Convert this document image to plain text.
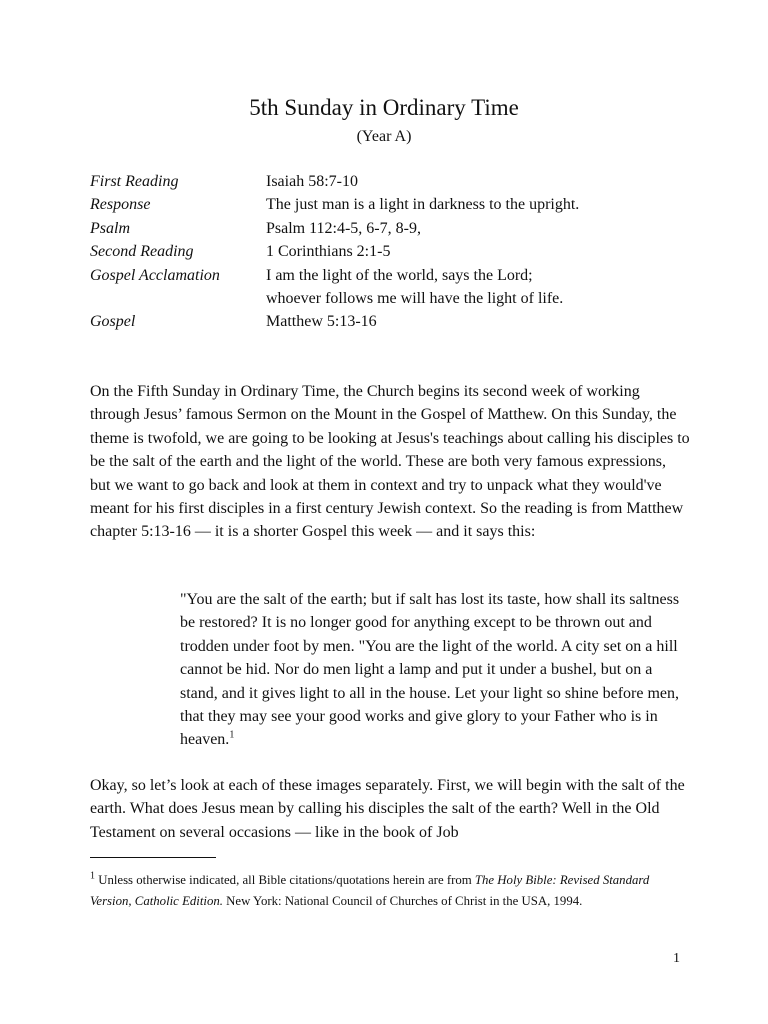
5th Sunday in Ordinary Time
(Year A)
First Reading	Isaiah 58:7-10
Response	The just man is a light in darkness to the upright.
Psalm	Psalm 112:4-5, 6-7, 8-9,
Second Reading	1 Corinthians 2:1-5
Gospel Acclamation	I am the light of the world, says the Lord;
whoever follows me will have the light of life.
Gospel	Matthew 5:13-16
On the Fifth Sunday in Ordinary Time, the Church begins its second week of working through Jesus’ famous Sermon on the Mount in the Gospel of Matthew. On this Sunday, the theme is twofold, we are going to be looking at Jesus's teachings about calling his disciples to be the salt of the earth and the light of the world. These are both very famous expressions, but we want to go back and look at them in context and try to unpack what they would've meant for his first disciples in a first century Jewish context. So the reading is from Matthew chapter 5:13-16 — it is a shorter Gospel this week — and it says this:
"You are the salt of the earth; but if salt has lost its taste, how shall its saltness be restored? It is no longer good for anything except to be thrown out and trodden under foot by men. "You are the light of the world. A city set on a hill cannot be hid. Nor do men light a lamp and put it under a bushel, but on a stand, and it gives light to all in the house. Let your light so shine before men, that they may see your good works and give glory to your Father who is in heaven.$^1$
Okay, so let’s look at each of these images separately. First, we will begin with the salt of the earth. What does Jesus mean by calling his disciples the salt of the earth? Well in the Old Testament on several occasions — like in the book of Job
$^1$ Unless otherwise indicated, all Bible citations/quotations herein are from The Holy Bible: Revised Standard Version, Catholic Edition. New York: National Council of Churches of Christ in the USA, 1994.
1
